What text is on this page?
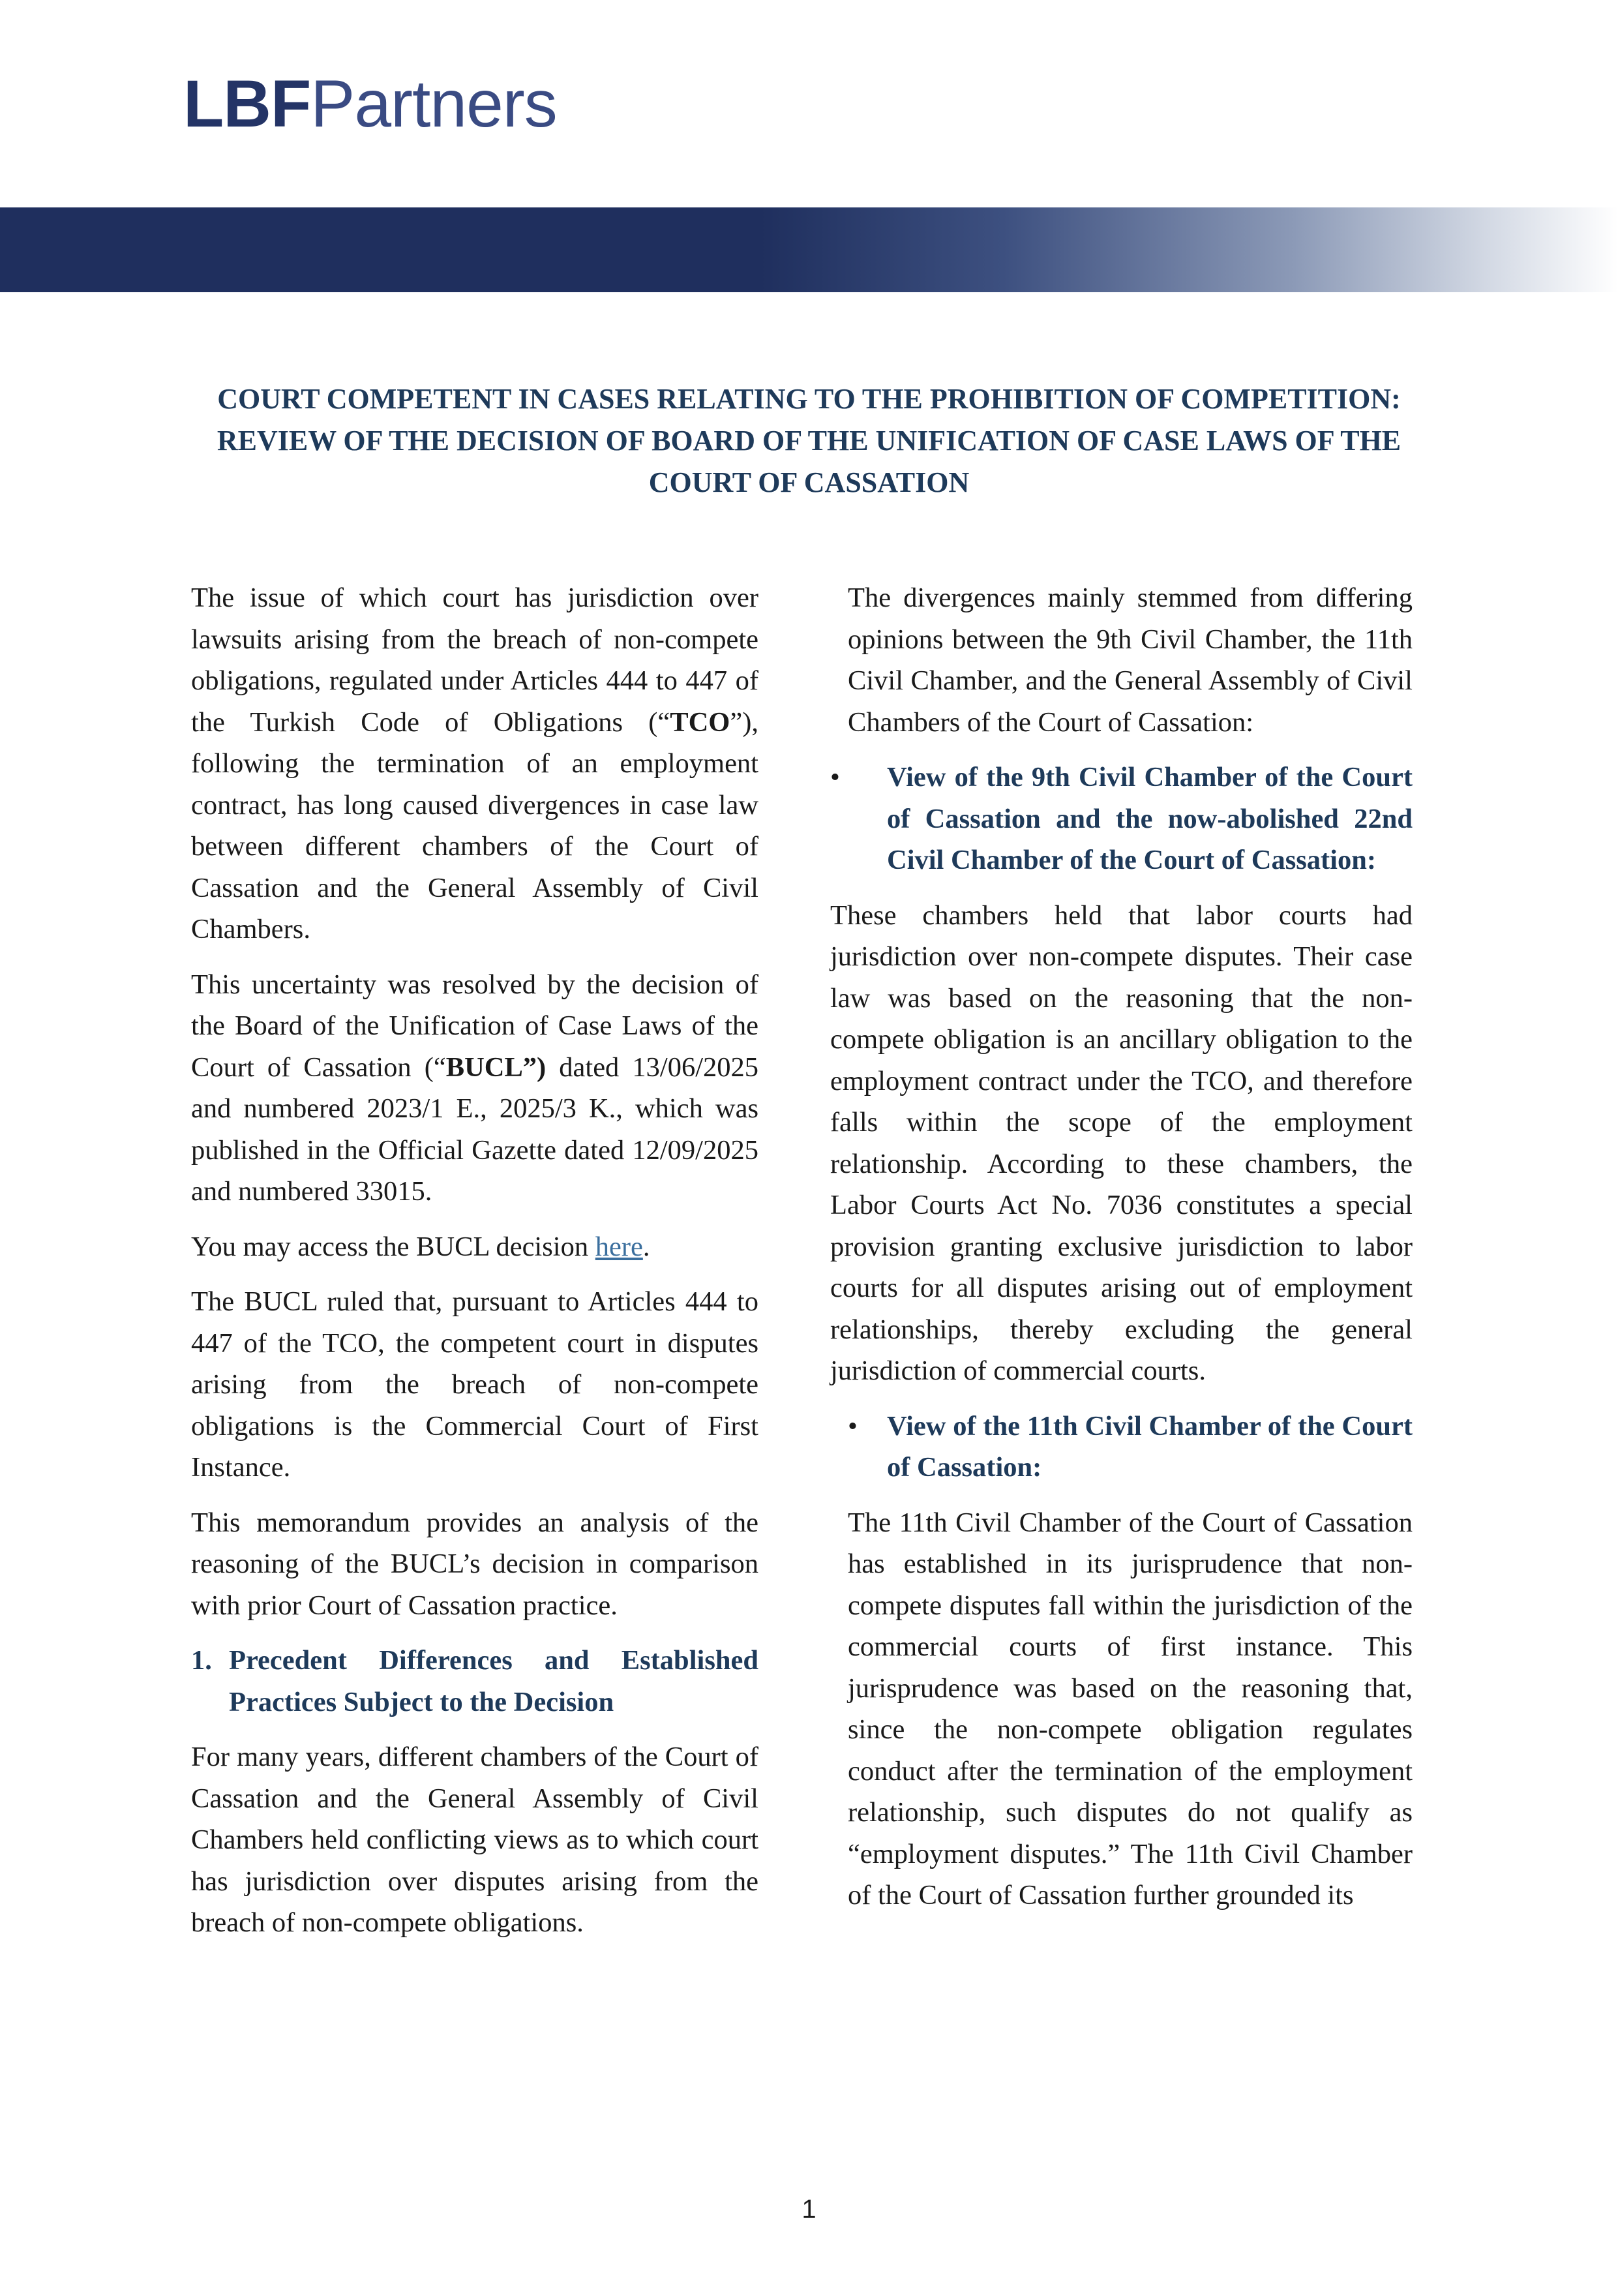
LBFPartners
COURT COMPETENT IN CASES RELATING TO THE PROHIBITION OF COMPETITION: REVIEW OF THE DECISION OF BOARD OF THE UNIFICATION OF CASE LAWS OF THE COURT OF CASSATION

The issue of which court has jurisdiction over lawsuits arising from the breach of non-compete obligations, regulated under Articles 444 to 447 of the Turkish Code of Obligations (“TCO”), following the termination of an employment contract, has long caused divergences in case law between different chambers of the Court of Cassation and the General Assembly of Civil Chambers.

This uncertainty was resolved by the decision of the Board of the Unification of Case Laws of the Court of Cassation (“BUCL”) dated 13/06/2025 and numbered 2023/1 E., 2025/3 K., which was published in the Official Gazette dated 12/09/2025 and numbered 33015.

You may access the BUCL decision here.

The BUCL ruled that, pursuant to Articles 444 to 447 of the TCO, the competent court in disputes arising from the breach of non-compete obligations is the Commercial Court of First Instance.

This memorandum provides an analysis of the reasoning of the BUCL’s decision in comparison with prior Court of Cassation practice.

1. Precedent Differences and Established Practices Subject to the Decision

For many years, different chambers of the Court of Cassation and the General Assembly of Civil Chambers held conflicting views as to which court has jurisdiction over disputes arising from the breach of non-compete obligations.

The divergences mainly stemmed from differing opinions between the 9th Civil Chamber, the 11th Civil Chamber, and the General Assembly of Civil Chambers of the Court of Cassation:

•	View of the 9th Civil Chamber of the Court of Cassation and the now-abolished 22nd Civil Chamber of the Court of Cassation:

These chambers held that labor courts had jurisdiction over non-compete disputes. Their case law was based on the reasoning that the non-compete obligation is an ancillary obligation to the employment contract under the TCO, and therefore falls within the scope of the employment relationship. According to these chambers, the Labor Courts Act No. 7036 constitutes a special provision granting exclusive jurisdiction to labor courts for all disputes arising out of employment relationships, thereby excluding the general jurisdiction of commercial courts.

•	View of the 11th Civil Chamber of the Court of Cassation:

The 11th Civil Chamber of the Court of Cassation has established in its jurisprudence that non-compete disputes fall within the jurisdiction of the commercial courts of first instance. This jurisprudence was based on the reasoning that, since the non-compete obligation regulates conduct after the termination of the employment relationship, such disputes do not qualify as “employment disputes.” The 11th Civil Chamber of the Court of Cassation further grounded its

1
